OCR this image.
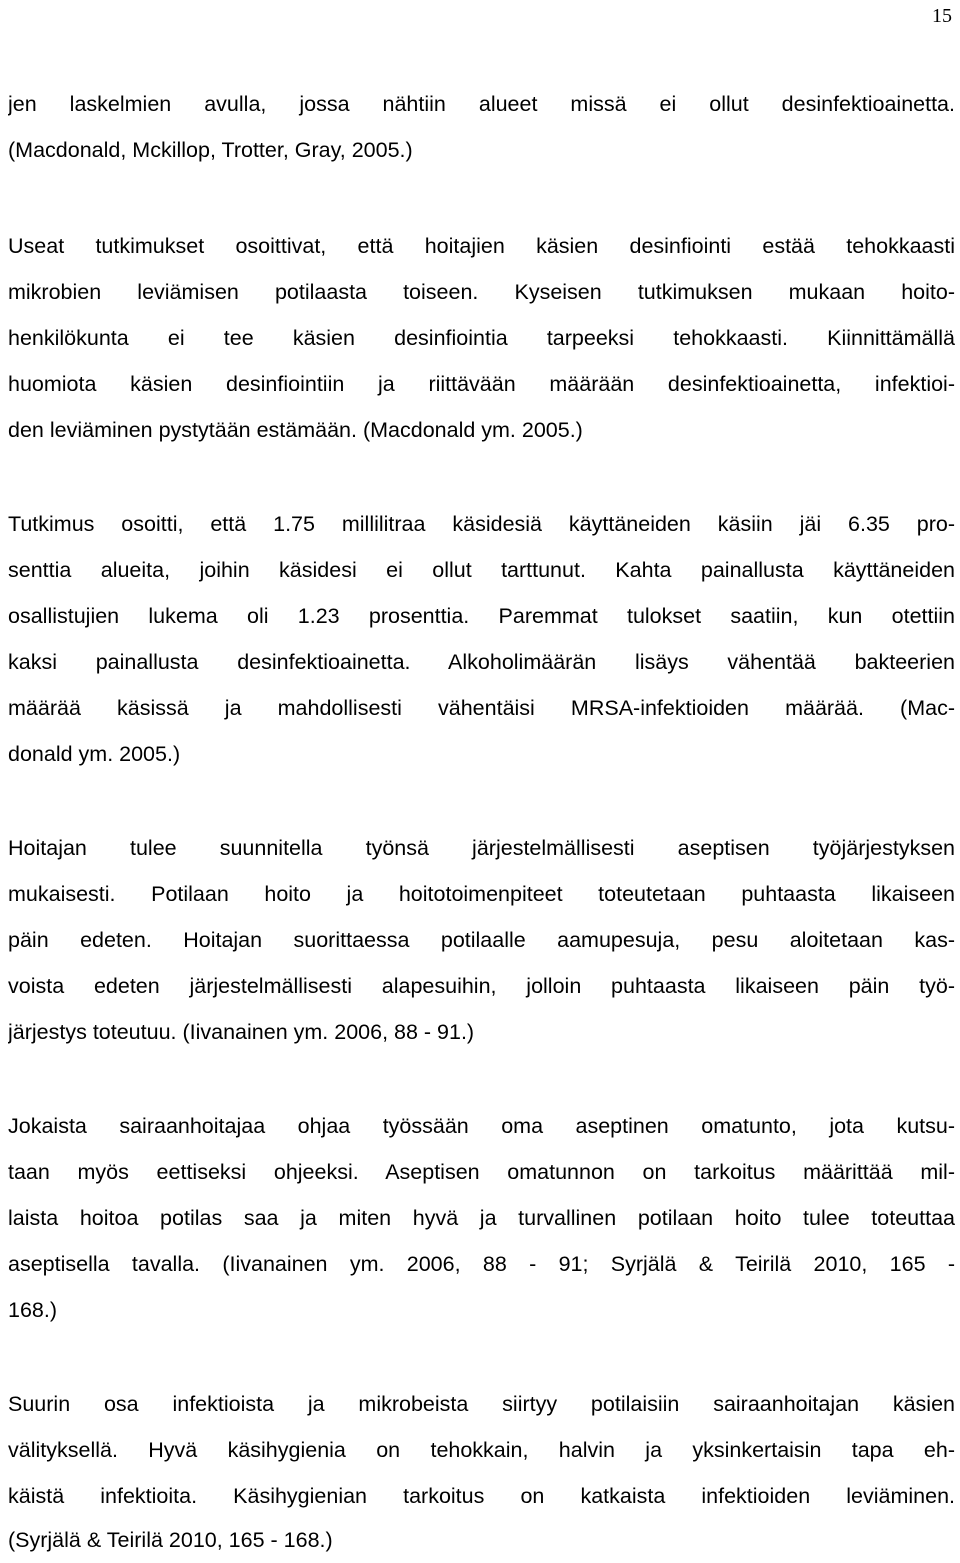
15
jen laskelmien avulla, jossa nähtiin alueet missä ei ollut desinfektioainetta.
(Macdonald, Mckillop, Trotter, Gray, 2005.)
Useat tutkimukset osoittivat, että hoitajien käsien desinfiointi estää tehokkaasti
mikrobien leviämisen potilaasta toiseen. Kyseisen tutkimuksen mukaan hoito-
henkilökunta ei tee käsien desinfiointia tarpeeksi tehokkaasti. Kiinnittämällä
huomiota käsien desinfiointiin ja riittävään määrään desinfektioainetta, infektioi-
den leviäminen pystytään estämään. (Macdonald ym. 2005.)
Tutkimus osoitti, että 1.75 millilitraa käsidesiä käyttäneiden käsiin jäi 6.35 pro-
senttia alueita, joihin käsidesi ei ollut tarttunut. Kahta painallusta käyttäneiden
osallistujien lukema oli 1.23 prosenttia. Paremmat tulokset saatiin, kun otettiin
kaksi painallusta desinfektioainetta. Alkoholimäärän lisäys vähentää bakteerien
määrää käsissä ja mahdollisesti vähentäisi MRSA-infektioiden määrää. (Mac-
donald ym. 2005.)
Hoitajan tulee suunnitella työnsä järjestelmällisesti aseptisen työjärjestyksen
mukaisesti. Potilaan hoito ja hoitotoimenpiteet toteutetaan puhtaasta likaiseen
päin edeten. Hoitajan suorittaessa potilaalle aamupesuja, pesu aloitetaan kas-
voista edeten järjestelmällisesti alapesuihin, jolloin puhtaasta likaiseen päin työ-
järjestys toteutuu. (Iivanainen ym. 2006, 88 - 91.)
Jokaista sairaanhoitajaa ohjaa työssään oma aseptinen omatunto, jota kutsu-
taan myös eettiseksi ohjeeksi. Aseptisen omatunnon on tarkoitus määrittää mil-
laista hoitoa potilas saa ja miten hyvä ja turvallinen potilaan hoito tulee toteuttaa
aseptisella tavalla. (Iivanainen ym. 2006, 88 - 91; Syrjälä & Teirilä 2010, 165 -
168.)
Suurin osa infektioista ja mikrobeista siirtyy potilaisiin sairaanhoitajan käsien
välityksellä. Hyvä käsihygienia on tehokkain, halvin ja yksinkertaisin tapa eh-
käistä infektioita. Käsihygienian tarkoitus on katkaista infektioiden leviäminen.
(Syrjälä & Teirilä 2010, 165 - 168.)
